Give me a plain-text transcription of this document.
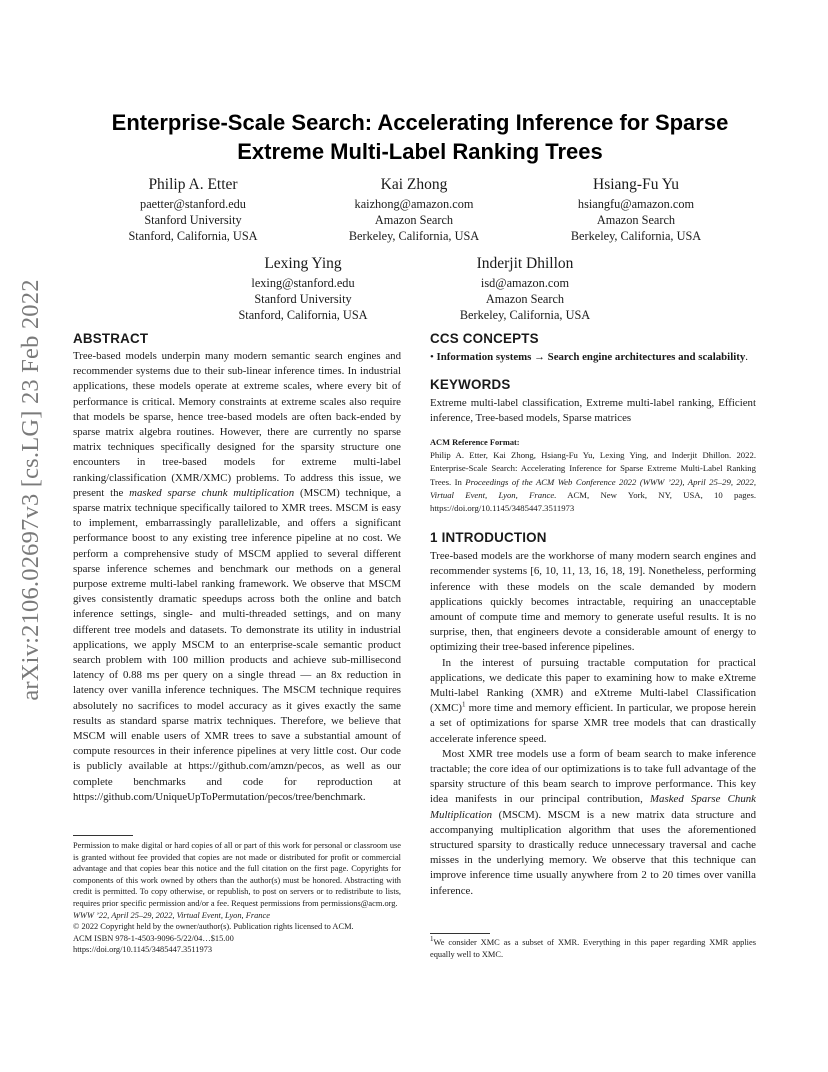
arXiv:2106.02697v3 [cs.LG] 23 Feb 2022
Enterprise-Scale Search: Accelerating Inference for Sparse
Extreme Multi-Label Ranking Trees
Philip A. Etter
paetter@stanford.edu
Stanford University
Stanford, California, USA
Kai Zhong
kaizhong@amazon.com
Amazon Search
Berkeley, California, USA
Hsiang-Fu Yu
hsiangfu@amazon.com
Amazon Search
Berkeley, California, USA
Lexing Ying
lexing@stanford.edu
Stanford University
Stanford, California, USA
Inderjit Dhillon
isd@amazon.com
Amazon Search
Berkeley, California, USA
ABSTRACT

Tree-based models underpin many modern semantic search engines and recommender systems due to their sub-linear inference times. In industrial applications, these models operate at extreme scales, where every bit of performance is critical. Memory constraints at extreme scales also require that models be sparse, hence tree-based models are often back-ended by sparse matrix algebra routines. However, there are currently no sparse matrix techniques specifically designed for the sparsity structure one encounters in tree-based models for extreme multi-label ranking/classification (XMR/XMC) problems. To address this issue, we present the masked sparse chunk multiplication (MSCM) technique, a sparse matrix technique specifically tailored to XMR trees. MSCM is easy to implement, embarrassingly parallelizable, and offers a significant performance boost to any existing tree inference pipeline at no cost. We perform a comprehensive study of MSCM applied to several different sparse inference schemes and benchmark our methods on a general purpose extreme multi-label ranking framework. We observe that MSCM gives consistently dramatic speedups across both the online and batch inference settings, single- and multi-threaded settings, and on many different tree models and datasets. To demonstrate its utility in industrial applications, we apply MSCM to an enterprise-scale semantic product search problem with 100 million products and achieve sub-millisecond latency of 0.88 ms per query on a single thread — an 8x reduction in latency over vanilla inference techniques. The MSCM technique requires absolutely no sacrifices to model accuracy as it gives exactly the same results as standard sparse matrix techniques. Therefore, we believe that MSCM will enable users of XMR trees to save a substantial amount of compute resources in their inference pipelines at very little cost. Our code is publicly available at https://github.com/amzn/pecos, as well as our complete benchmarks and code for reproduction at https://github.com/UniqueUpToPermutation/pecos/tree/benchmark.

Permission to make digital or hard copies of all or part of this work for personal or classroom use is granted without fee provided that copies are not made or distributed for profit or commercial advantage and that copies bear this notice and the full citation on the first page. Copyrights for components of this work owned by others than the author(s) must be honored. Abstracting with credit is permitted. To copy otherwise, or republish, to post on servers or to redistribute to lists, requires prior specific permission and/or a fee. Request permissions from permissions@acm.org.

WWW ’22, April 25–29, 2022, Virtual Event, Lyon, France

© 2022 Copyright held by the owner/author(s). Publication rights licensed to ACM.

ACM ISBN 978-1-4503-9096-5/22/04…$15.00

https://doi.org/10.1145/3485447.3511973

CCS CONCEPTS

• Information systems → Search engine architectures and scalability.

KEYWORDS

Extreme multi-label classification, Extreme multi-label ranking, Efficient inference, Tree-based models, Sparse matrices

ACM Reference Format:

Philip A. Etter, Kai Zhong, Hsiang-Fu Yu, Lexing Ying, and Inderjit Dhillon. 2022. Enterprise-Scale Search: Accelerating Inference for Sparse Extreme Multi-Label Ranking Trees. In Proceedings of the ACM Web Conference 2022 (WWW ’22), April 25–29, 2022, Virtual Event, Lyon, France. ACM, New York, NY, USA, 10 pages. https://doi.org/10.1145/3485447.3511973

1 INTRODUCTION

Tree-based models are the workhorse of many modern search engines and recommender systems [6, 10, 11, 13, 16, 18, 19]. Nonetheless, performing inference with these models on the scale demanded by modern applications quickly becomes intractable, requiring an unacceptable amount of compute time and memory to generate useful results. It is no surprise, then, that engineers devote a considerable amount of energy to optimizing their tree-based inference pipelines.

In the interest of pursuing tractable computation for practical applications, we dedicate this paper to examining how to make eXtreme Multi-label Ranking (XMR) and eXtreme Multi-label Classification (XMC)$^1$ more time and memory efficient. In particular, we propose herein a set of optimizations for sparse XMR tree models that can drastically accelerate inference speed.

Most XMR tree models use a form of beam search to make inference tractable; the core idea of our optimizations is to take full advantage of the sparsity structure of this beam search to improve performance. This key idea manifests in our principal contribution, Masked Sparse Chunk Multiplication (MSCM). MSCM is a new matrix data structure and accompanying multiplication algorithm that uses the aforementioned structured sparsity to drastically reduce unnecessary traversal and cache misses in the underlying memory. We observe that this technique can improve inference time usually anywhere from 2 to 20 times over vanilla inference.

$^1$We consider XMC as a subset of XMR. Everything in this paper regarding XMR applies equally well to XMC.
